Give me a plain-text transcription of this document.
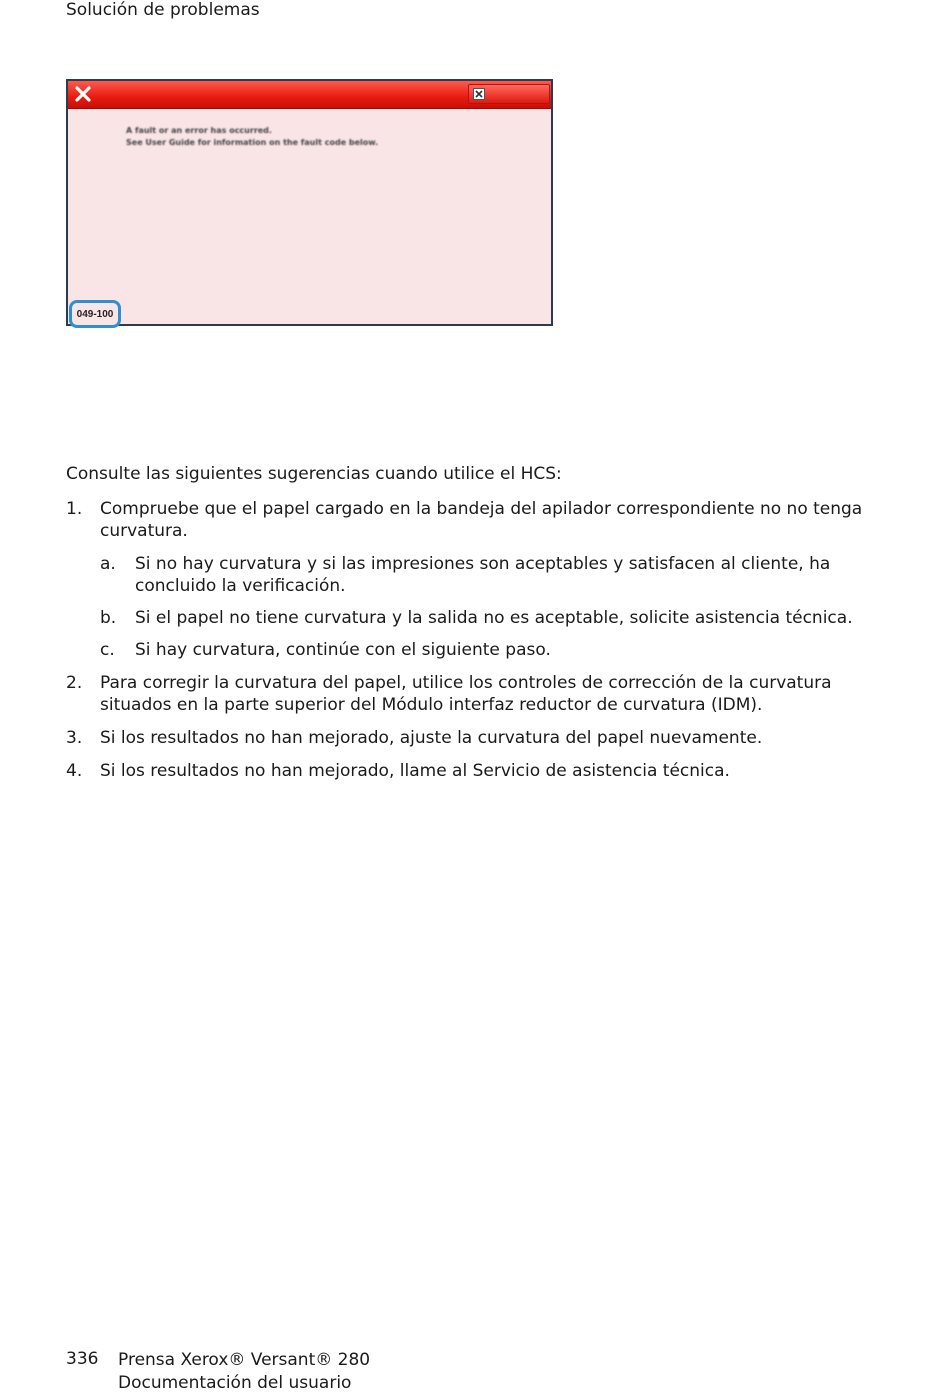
Solución de problemas
A fault or an error has occurred.
See User Guide for information on the fault code below.
049-100
Consulte las siguientes sugerencias cuando utilice el HCS:
1. Compruebe que el papel cargado en la bandeja del apilador correspondiente no no tenga curvatura.
a. Si no hay curvatura y si las impresiones son aceptables y satisfacen al cliente, ha concluido la verificación.
b. Si el papel no tiene curvatura y la salida no es aceptable, solicite asistencia técnica.
c. Si hay curvatura, continúe con el siguiente paso.
2. Para corregir la curvatura del papel, utilice los controles de corrección de la curvatura situados en la parte superior del Módulo interfaz reductor de curvatura (IDM).
3. Si los resultados no han mejorado, ajuste la curvatura del papel nuevamente.
4. Si los resultados no han mejorado, llame al Servicio de asistencia técnica.
336 Prensa Xerox® Versant® 280
Documentación del usuario
